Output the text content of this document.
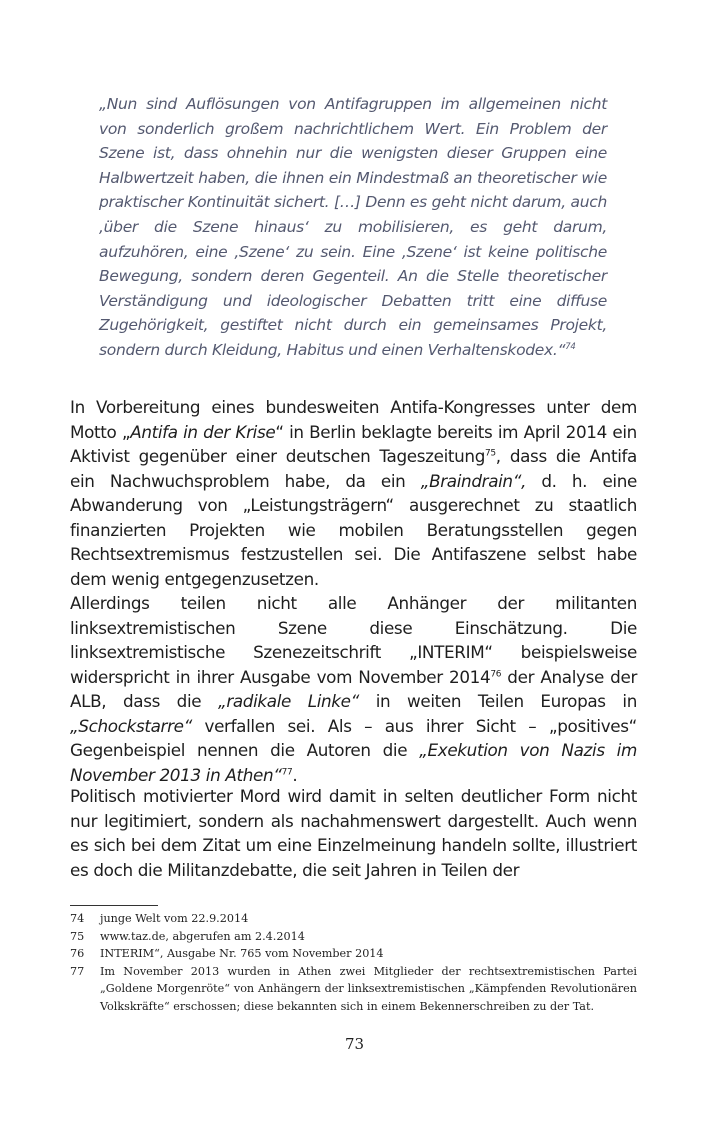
„Nun sind Auflösungen von Antifagruppen im allgemeinen nicht von sonderlich großem nachrichtlichem Wert. Ein Problem der Szene ist, dass ohnehin nur die wenigsten dieser Gruppen eine Halbwertzeit haben, die ihnen ein Mindestmaß an theoretischer wie praktischer Kontinuität sichert. […] Denn es geht nicht darum, auch ‚über die Szene hinaus‘ zu mobilisieren, es geht darum, aufzuhören, eine ‚Szene‘ zu sein. Eine ‚Szene‘ ist keine politische Bewegung, sondern deren Gegenteil. An die Stelle theoretischer Verständigung und ideologischer Debatten tritt eine diffuse Zugehörigkeit, gestiftet nicht durch ein gemeinsames Projekt, sondern durch Kleidung, Habitus und einen Verhaltenskodex.“$^{74}$
In Vorbereitung eines bundesweiten Antifa-Kongresses unter dem Motto „Antifa in der Krise“ in Berlin beklagte bereits im April 2014 ein Aktivist gegenüber einer deutschen Tageszeitung$^{75}$, dass die Antifa ein Nachwuchsproblem habe, da ein „Braindrain“, d. h. eine Abwanderung von „Leistungsträgern“ ausgerechnet zu staatlich finanzierten Projekten wie mobilen Beratungsstellen gegen Rechtsextremismus festzustellen sei. Die Antifaszene selbst habe dem wenig entgegenzusetzen.
Allerdings teilen nicht alle Anhänger der militanten linksextremistischen Szene diese Einschätzung. Die linksextremistische Szenezeitschrift „INTERIM“ beispielsweise widerspricht in ihrer Ausgabe vom November 2014$^{76}$ der Analyse der ALB, dass die „radikale Linke“ in weiten Teilen Europas in „Schockstarre“ verfallen sei. Als – aus ihrer Sicht – „positives“ Gegenbeispiel nennen die Autoren die „Exekution von Nazis im November 2013 in Athen“$^{77}$.
Politisch motivierter Mord wird damit in selten deutlicher Form nicht nur legitimiert, sondern als nachahmenswert dargestellt. Auch wenn es sich bei dem Zitat um eine Einzelmeinung handeln sollte, illustriert es doch die Militanzdebatte, die seit Jahren in Teilen der
74	junge Welt vom 22.9.2014
75	www.taz.de, abgerufen am 2.4.2014
76	INTERIM“, Ausgabe Nr. 765 vom November 2014
77	Im November 2013 wurden in Athen zwei Mitglieder der rechtsextremistischen Partei „Goldene Morgenröte“ von Anhängern der linksextremistischen „Kämpfenden Revolutionären Volkskräfte“ erschossen; diese bekannten sich in einem Bekennerschreiben zu der Tat.
73
